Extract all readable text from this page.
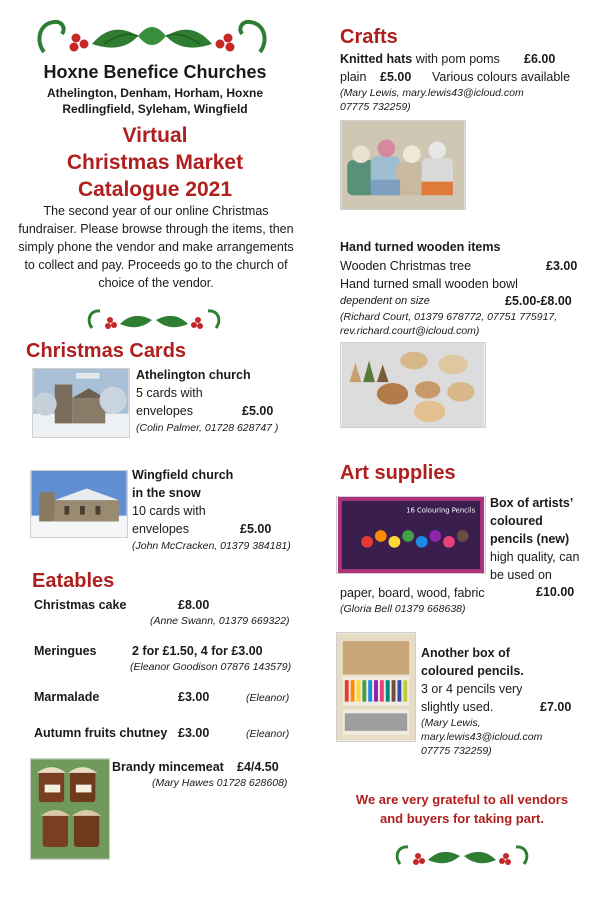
Hoxne Benefice Churches
Athelington, Denham, Horham, Hoxne
Redlingfield, Syleham, Wingfield
Virtual
Christmas Market
Catalogue 2021
The second year of our online Christmas fundraiser. Please browse through the items, then simply phone the vendor and make arrangements to collect and pay. Proceeds go to the church of choice of the vendor.
Christmas Cards
Athelington church
5 cards with
envelopes	£5.00
(Colin Palmer, 01728 628747 )
Wingfield church
in the snow
10 cards with
envelopes	£5.00
(John McCracken, 01379 384181)
Eatables
Christmas cake	£8.00
(Anne Swann, 01379 669322)
Meringues	2 for £1.50, 4 for £3.00
(Eleanor Goodison 07876 143579)
Marmalade	£3.00	(Eleanor)
Autumn fruits chutney £3.00	(Eleanor)
Brandy mincemeat £4/4.50
(Mary Hawes 01728 628608)
Crafts
Knitted hats with pom poms £6.00
plain £5.00 Various colours available
(Mary Lewis, mary.lewis43@icloud.com
07775 732259)
Hand turned wooden items
Wooden Christmas tree	£3.00
Hand turned small wooden bowl
dependent on size	£5.00-£8.00
(Richard Court, 01379 678772, 07751 775917,
rev.richard.court@icloud.com)
Art supplies
16 Colouring Pencils
Box of artists’
coloured
pencils (new)
high quality, can
be used on
paper, board, wood, fabric	£10.00
(Gloria Bell 01379 668638)
Another box of
coloured pencils.
3 or 4 pencils very
slightly used.	£7.00
(Mary Lewis,
mary.lewis43@icloud.com
07775 732259)
We are very grateful to all vendors
and buyers for taking part.
